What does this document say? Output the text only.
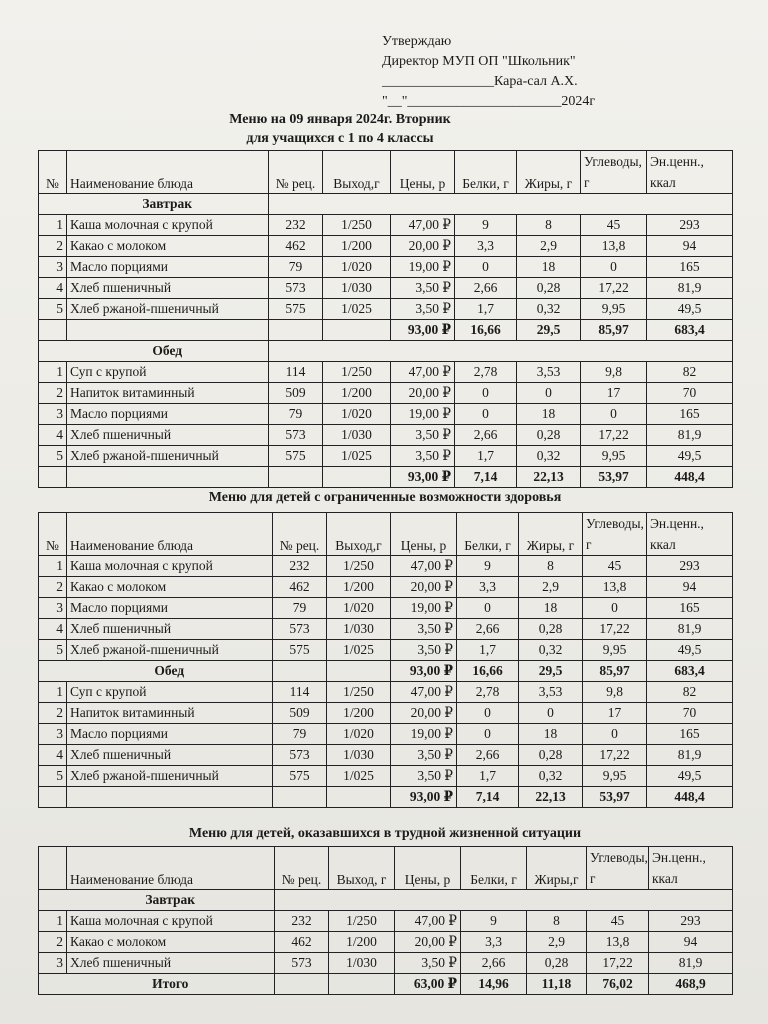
Утверждаю
Директор МУП ОП "Школьник"
________________Кара-сал А.Х.
"__"______________________2024г
Меню на 09 января 2024г. Вторник
для учащихся с 1 по 4 классы
№	Наименование блюда	№ рец.	Выход,г	Цены, р	Белки, г	Жиры, г	Углеводы, г	Эн.ценн., ккал
	Завтрак							
1	Каша молочная с крупой	232	1/250	47,00 ₽	9	8	45	293
2	Какао с молоком	462	1/200	20,00 ₽	3,3	2,9	13,8	94
3	Масло порциями	79	1/020	19,00 ₽	0	18	0	165
4	Хлеб пшеничный	573	1/030	3,50 ₽	2,66	0,28	17,22	81,9
5	Хлеб ржаной-пшеничный	575	1/025	3,50 ₽	1,7	0,32	9,95	49,5
				93,00 ₽	16,66	29,5	85,97	683,4
	Обед							
1	Суп с крупой	114	1/250	47,00 ₽	2,78	3,53	9,8	82
2	Напиток витаминный	509	1/200	20,00 ₽	0	0	17	70
3	Масло порциями	79	1/020	19,00 ₽	0	18	0	165
4	Хлеб пшеничный	573	1/030	3,50 ₽	2,66	0,28	17,22	81,9
5	Хлеб ржаной-пшеничный	575	1/025	3,50 ₽	1,7	0,32	9,95	49,5
				93,00 ₽	7,14	22,13	53,97	448,4
Меню для детей с ограниченные возможности здоровья
№	Наименование блюда	№ рец.	Выход,г	Цены, р	Белки, г	Жиры, г	Углеводы, г	Эн.ценн., ккал
1	Каша молочная с крупой	232	1/250	47,00 ₽	9	8	45	293
2	Какао с молоком	462	1/200	20,00 ₽	3,3	2,9	13,8	94
3	Масло порциями	79	1/020	19,00 ₽	0	18	0	165
4	Хлеб пшеничный	573	1/030	3,50 ₽	2,66	0,28	17,22	81,9
5	Хлеб ржаной-пшеничный	575	1/025	3,50 ₽	1,7	0,32	9,95	49,5
	Обед			93,00 ₽	16,66	29,5	85,97	683,4
1	Суп с крупой	114	1/250	47,00 ₽	2,78	3,53	9,8	82
2	Напиток витаминный	509	1/200	20,00 ₽	0	0	17	70
3	Масло порциями	79	1/020	19,00 ₽	0	18	0	165
4	Хлеб пшеничный	573	1/030	3,50 ₽	2,66	0,28	17,22	81,9
5	Хлеб ржаной-пшеничный	575	1/025	3,50 ₽	1,7	0,32	9,95	49,5
				93,00 ₽	7,14	22,13	53,97	448,4
Меню для детей, оказавшихся в трудной жизненной ситуации
	Наименование блюда	№ рец.	Выход, г	Цены, р	Белки, г	Жиры,г	Углеводы, г	Эн.ценн., ккал
	Завтрак							
1	Каша молочная с крупой	232	1/250	47,00 ₽	9	8	45	293
2	Какао с молоком	462	1/200	20,00 ₽	3,3	2,9	13,8	94
3	Хлеб пшеничный	573	1/030	3,50 ₽	2,66	0,28	17,22	81,9
	Итого			63,00 ₽	14,96	11,18	76,02	468,9
